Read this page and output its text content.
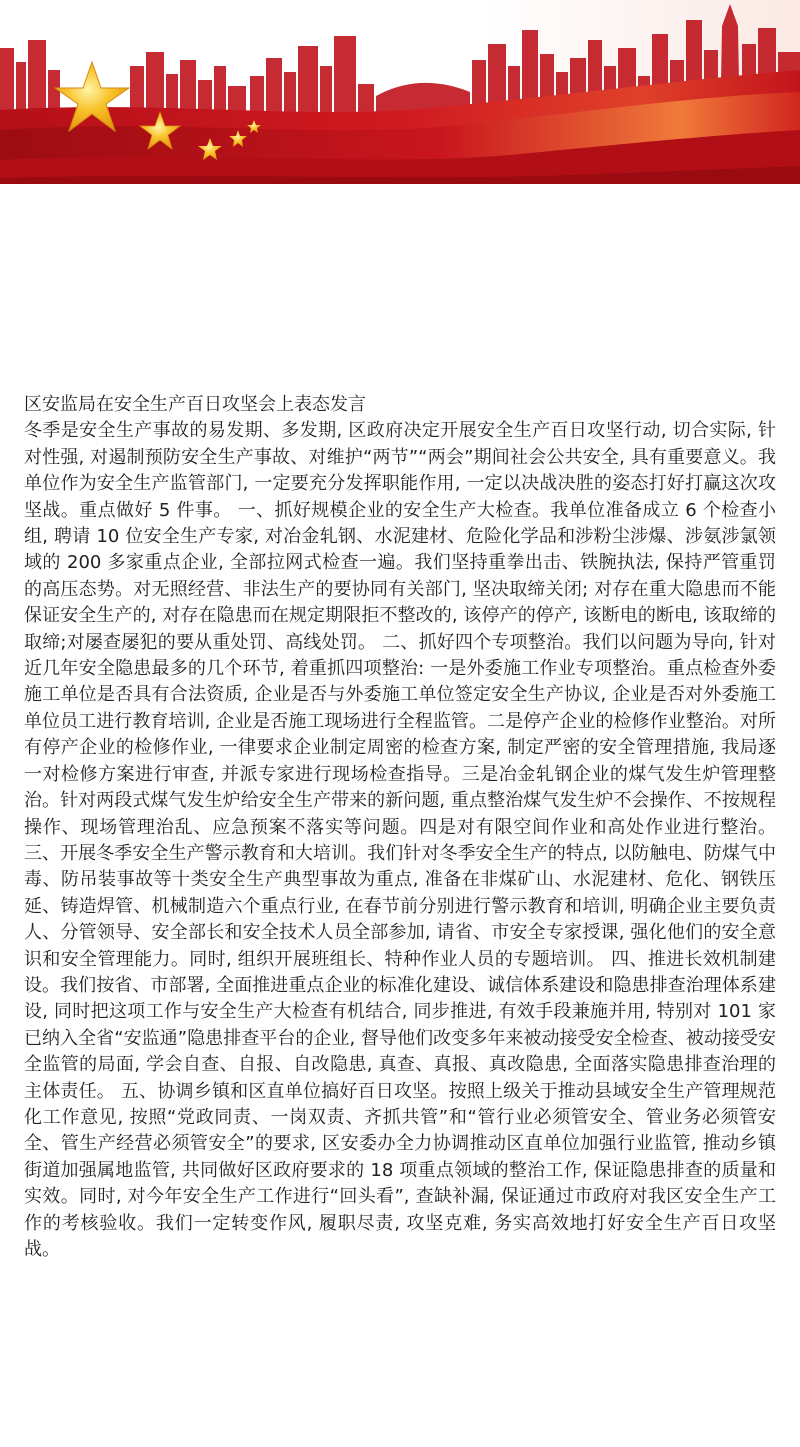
区安监局在安全生产百日攻坚会上表态发言

冬季是安全生产事故的易发期、多发期, 区政府决定开展安全生产百日攻坚行动, 切合实际, 针对性强, 对遏制预防安全生产事故、对维护“两节”“两会”期间社会公共安全, 具有重要意义。我单位作为安全生产监管部门, 一定要充分发挥职能作用, 一定以决战决胜的姿态打好打赢这次攻坚战。重点做好 5 件事。 一、抓好规模企业的安全生产大检查。我单位准备成立 6 个检查小组, 聘请 10 位安全生产专家, 对冶金轧钢、水泥建材、危险化学品和涉粉尘涉爆、涉氨涉氯领域的 200 多家重点企业, 全部拉网式检查一遍。我们坚持重拳出击、铁腕执法, 保持严管重罚的高压态势。对无照经营、非法生产的要协同有关部门, 坚决取缔关闭; 对存在重大隐患而不能保证安全生产的, 对存在隐患而在规定期限拒不整改的, 该停产的停产, 该断电的断电, 该取缔的取缔;对屡查屡犯的要从重处罚、高线处罚。 二、抓好四个专项整治。我们以问题为导向, 针对近几年安全隐患最多的几个环节, 着重抓四项整治: 一是外委施工作业专项整治。重点检查外委施工单位是否具有合法资质, 企业是否与外委施工单位签定安全生产协议, 企业是否对外委施工单位员工进行教育培训, 企业是否施工现场进行全程监管。二是停产企业的检修作业整治。对所有停产企业的检修作业, 一律要求企业制定周密的检查方案, 制定严密的安全管理措施, 我局逐一对检修方案进行审查, 并派专家进行现场检查指导。三是冶金轧钢企业的煤气发生炉管理整治。针对两段式煤气发生炉给安全生产带来的新问题, 重点整治煤气发生炉不会操作、不按规程操作、现场管理治乱、应急预案不落实等问题。四是对有限空间作业和高处作业进行整治。 三、开展冬季安全生产警示教育和大培训。我们针对冬季安全生产的特点, 以防触电、防煤气中毒、防吊装事故等十类安全生产典型事故为重点, 准备在非煤矿山、水泥建材、危化、钢铁压延、铸造焊管、机械制造六个重点行业, 在春节前分别进行警示教育和培训, 明确企业主要负责人、分管领导、安全部长和安全技术人员全部参加, 请省、市安全专家授课, 强化他们的安全意识和安全管理能力。同时, 组织开展班组长、特种作业人员的专题培训。 四、推进长效机制建设。我们按省、市部署, 全面推进重点企业的标准化建设、诚信体系建设和隐患排查治理体系建设, 同时把这项工作与安全生产大检查有机结合, 同步推进, 有效手段兼施并用, 特别对 101 家已纳入全省“安监通”隐患排查平台的企业, 督导他们改变多年来被动接受安全检查、被动接受安全监管的局面, 学会自查、自报、自改隐患, 真查、真报、真改隐患, 全面落实隐患排查治理的主体责任。 五、协调乡镇和区直单位搞好百日攻坚。按照上级关于推动县域安全生产管理规范化工作意见, 按照“党政同责、一岗双责、齐抓共管”和“管行业必须管安全、管业务必须管安全、管生产经营必须管安全”的要求, 区安委办全力协调推动区直单位加强行业监管, 推动乡镇街道加强属地监管, 共同做好区政府要求的 18 项重点领域的整治工作, 保证隐患排查的质量和实效。同时, 对今年安全生产工作进行“回头看”, 查缺补漏, 保证通过市政府对我区安全生产工作的考核验收。我们一定转变作风, 履职尽责, 攻坚克难, 务实高效地打好安全生产百日攻坚战。
